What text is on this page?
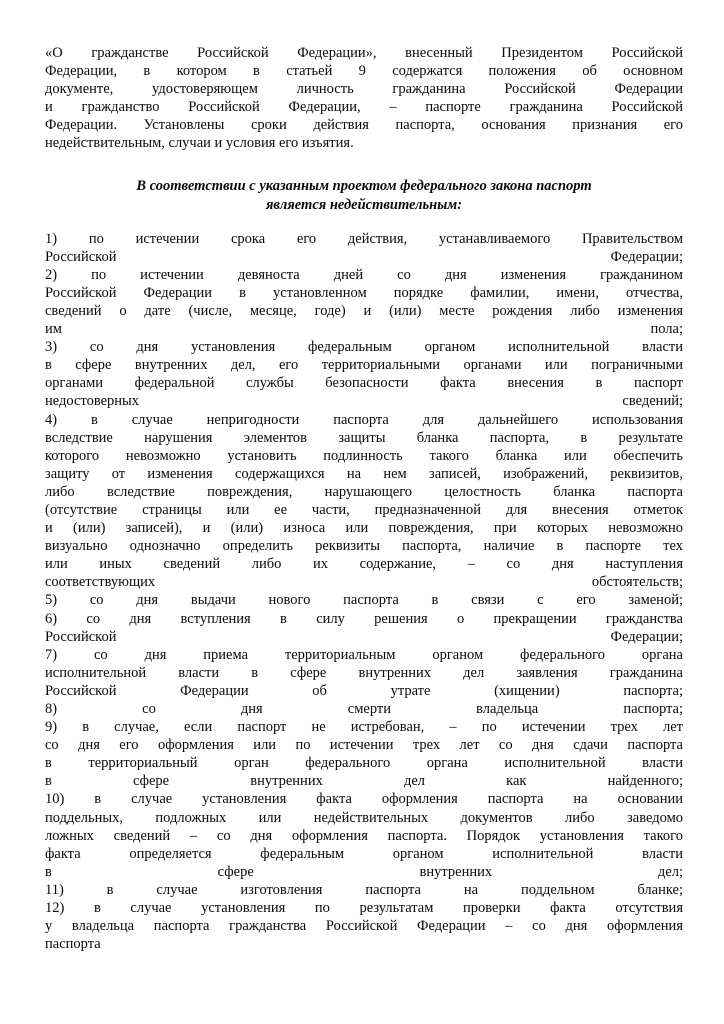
«О гражданстве Российской Федерации», внесенный Президентом Российской
Федерации, в котором в статьей 9 содержатся положения об основном
документе, удостоверяющем личность гражданина Российской Федерации
и гражданство Российской Федерации, – паспорте гражданина Российской
Федерации. Установлены сроки действия паспорта, основания признания его
недействительным, случаи и условия его изъятия.
В соответствии с указанным проектом федерального закона паспорт
является недействительным:
1) по истечении срока его действия, устанавливаемого Правительством
Российской Федерации;
2) по истечении девяноста дней со дня изменения гражданином
Российской Федерации в установленном порядке фамилии, имени, отчества,
сведений о дате (числе, месяце, годе) и (или) месте рождения либо изменения
им пола;
3) со дня установления федеральным органом исполнительной власти
в сфере внутренних дел, его территориальными органами или пограничными
органами федеральной службы безопасности факта внесения в паспорт
недостоверных сведений;
4) в случае непригодности паспорта для дальнейшего использования
вследствие нарушения элементов защиты бланка паспорта, в результате
которого невозможно установить подлинность такого бланка или обеспечить
защиту от изменения содержащихся на нем записей, изображений, реквизитов,
либо вследствие повреждения, нарушающего целостность бланка паспорта
(отсутствие страницы или ее части, предназначенной для внесения отметок
и (или) записей), и (или) износа или повреждения, при которых невозможно
визуально однозначно определить реквизиты паспорта, наличие в паспорте тех
или иных сведений либо их содержание, – со дня наступления
соответствующих обстоятельств;
5) со дня выдачи нового паспорта в связи с его заменой;
6) со дня вступления в силу решения о прекращении гражданства
Российской Федерации;
7) со дня приема территориальным органом федерального органа
исполнительной власти в сфере внутренних дел заявления гражданина
Российской Федерации об утрате (хищении) паспорта;
8) со дня смерти владельца паспорта;
9) в случае, если паспорт не истребован, – по истечении трех лет
со дня его оформления или по истечении трех лет со дня сдачи паспорта
в территориальный орган федерального органа исполнительной власти
в сфере внутренних дел как найденного;
10) в случае установления факта оформления паспорта на основании
поддельных, подложных или недействительных документов либо заведомо
ложных сведений – со дня оформления паспорта. Порядок установления такого
факта определяется федеральным органом исполнительной власти
в сфере внутренних дел;
11) в случае изготовления паспорта на поддельном бланке;
12) в случае установления по результатам проверки факта отсутствия
у владельца паспорта гражданства Российской Федерации – со дня оформления
паспорта
